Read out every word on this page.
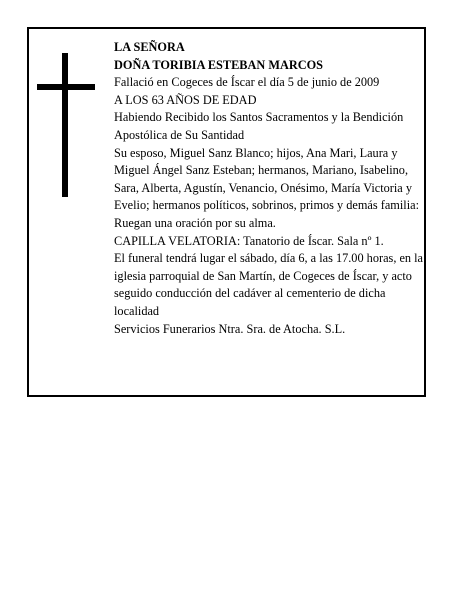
LA SEÑORA

DOÑA TORIBIA ESTEBAN MARCOS

Fallació en Cogeces de Íscar el día 5 de junio de 2009

A LOS 63 AÑOS DE EDAD

Habiendo Recibido los Santos Sacramentos y la Bendición Apostólica de Su Santidad

Su esposo, Miguel Sanz Blanco; hijos, Ana Mari, Laura y Miguel Ángel Sanz Esteban; hermanos, Mariano, Isabelino, Sara, Alberta, Agustín, Venancio, Onésimo, María Victoria y Evelio; hermanos políticos, sobrinos, primos y demás familia:

Ruegan una oración por su alma.

CAPILLA VELATORIA: Tanatorio de Íscar. Sala nº 1.

El funeral tendrá lugar el sábado, día 6, a las 17.00 horas, en la iglesia parroquial de San Martín, de Cogeces de Íscar, y acto seguido conducción del cadáver al cementerio de dicha localidad

Servicios Funerarios Ntra. Sra. de Atocha. S.L.
